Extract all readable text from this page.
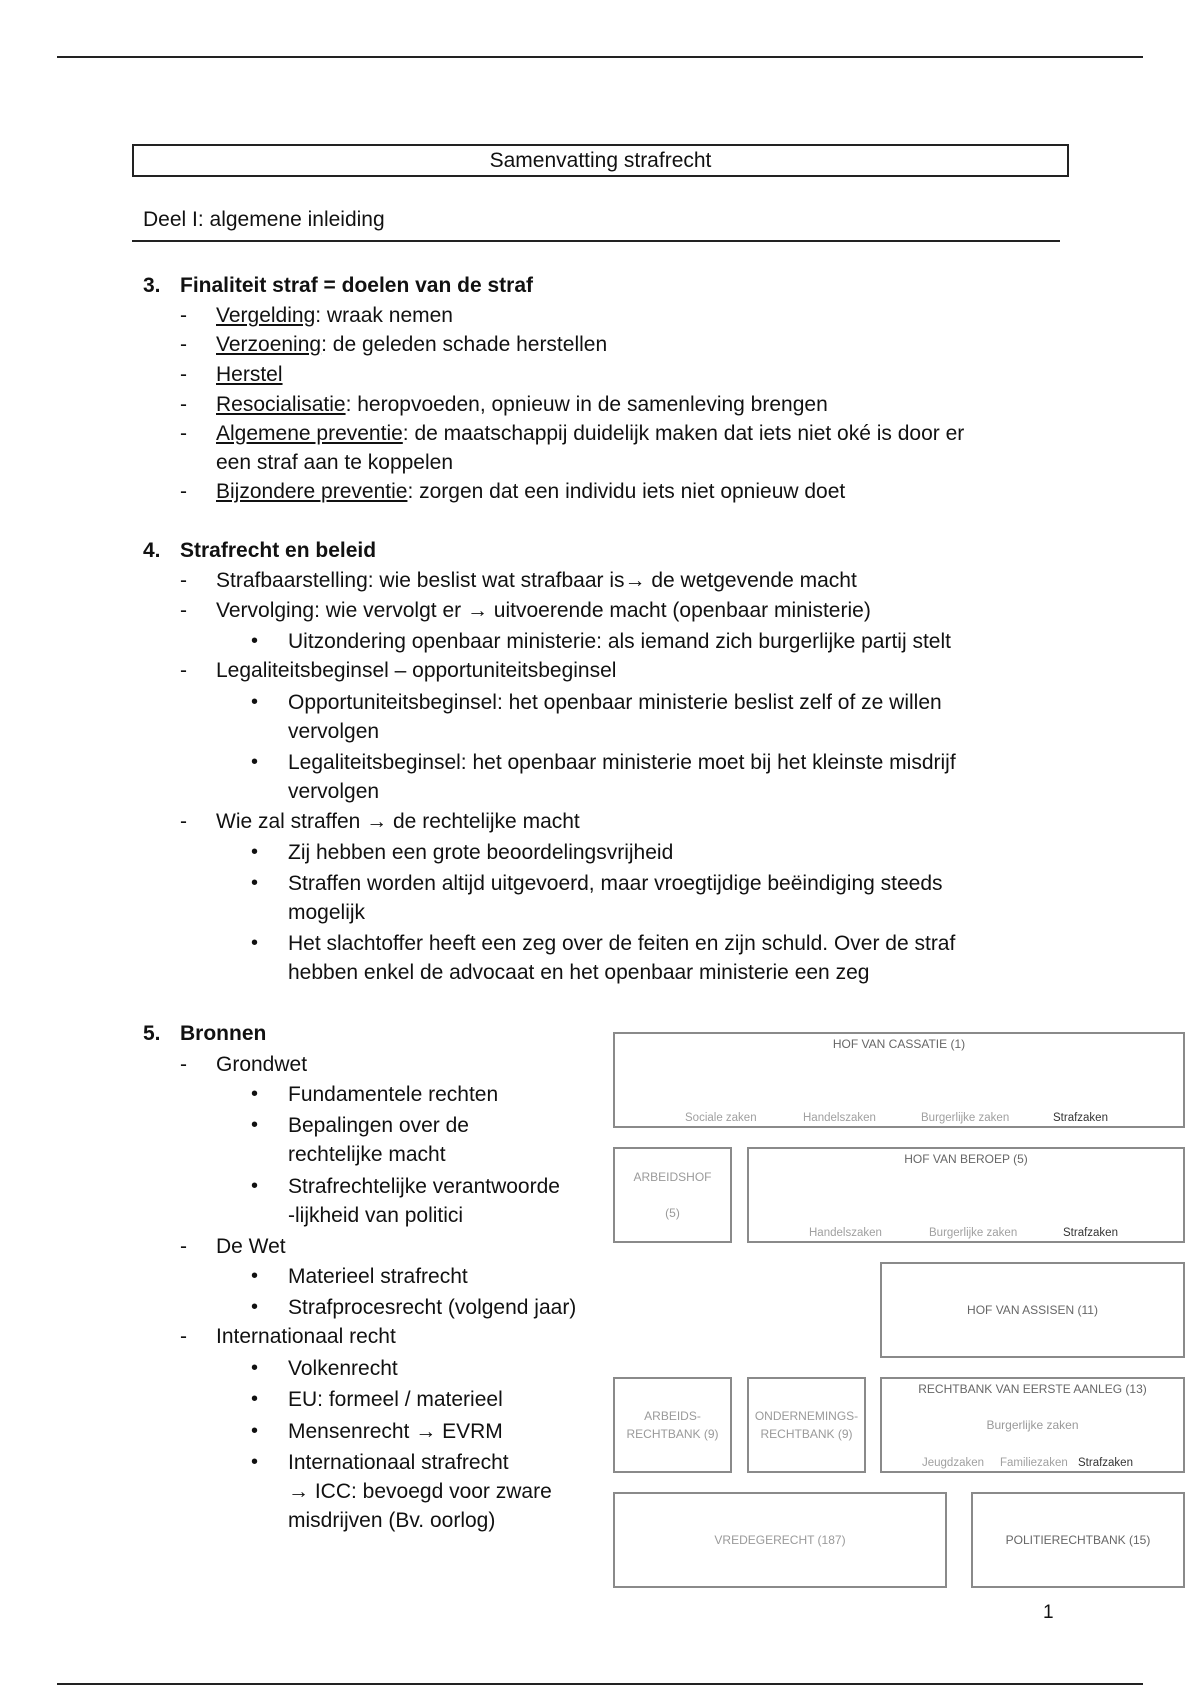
Samenvatting strafrecht
Deel I: algemene inleiding
3. Finaliteit straf = doelen van de straf
- Vergelding: wraak nemen
- Verzoening: de geleden schade herstellen
- Herstel
- Resocialisatie: heropvoeden, opnieuw in de samenleving brengen
- Algemene preventie: de maatschappij duidelijk maken dat iets niet oké is door er
een straf aan te koppelen
- Bijzondere preventie: zorgen dat een individu iets niet opnieuw doet
4. Strafrecht en beleid
- Strafbaarstelling: wie beslist wat strafbaar is→ de wetgevende macht
- Vervolging: wie vervolgt er → uitvoerende macht (openbaar ministerie)
• Uitzondering openbaar ministerie: als iemand zich burgerlijke partij stelt
- Legaliteitsbeginsel – opportuniteitsbeginsel
• Opportuniteitsbeginsel: het openbaar ministerie beslist zelf of ze willen
vervolgen
• Legaliteitsbeginsel: het openbaar ministerie moet bij het kleinste misdrijf
vervolgen
- Wie zal straffen → de rechtelijke macht
• Zij hebben een grote beoordelingsvrijheid
• Straffen worden altijd uitgevoerd, maar vroegtijdige beëindiging steeds
mogelijk
• Het slachtoffer heeft een zeg over de feiten en zijn schuld. Over de straf
hebben enkel de advocaat en het openbaar ministerie een zeg
5. Bronnen
- Grondwet
• Fundamentele rechten
• Bepalingen over de
rechtelijke macht
• Strafrechtelijke verantwoorde
-lijkheid van politici
- De Wet
• Materieel strafrecht
• Strafprocesrecht (volgend jaar)
- Internationaal recht
• Volkenrecht
• EU: formeel / materieel
• Mensenrecht → EVRM
• Internationaal strafrecht
→ ICC: bevoegd voor zware
misdrijven (Bv. oorlog)
HOF VAN CASSATIE (1)
Sociale zaken	Handelszaken	Burgerlijke zaken	Strafzaken
ARBEIDSHOF

(5)
HOF VAN BEROEP (5)
Handelszaken	Burgerlijke zaken	Strafzaken
HOF VAN ASSISEN (11)
ARBEIDS-
RECHTBANK (9)
ONDERNEMINGS-
RECHTBANK (9)
RECHTBANK VAN EERSTE AANLEG (13)
Burgerlijke zaken
Jeugdzaken Familiezaken Strafzaken
VREDEGERECHT (187)	POLITIERECHTBANK (15)
1
